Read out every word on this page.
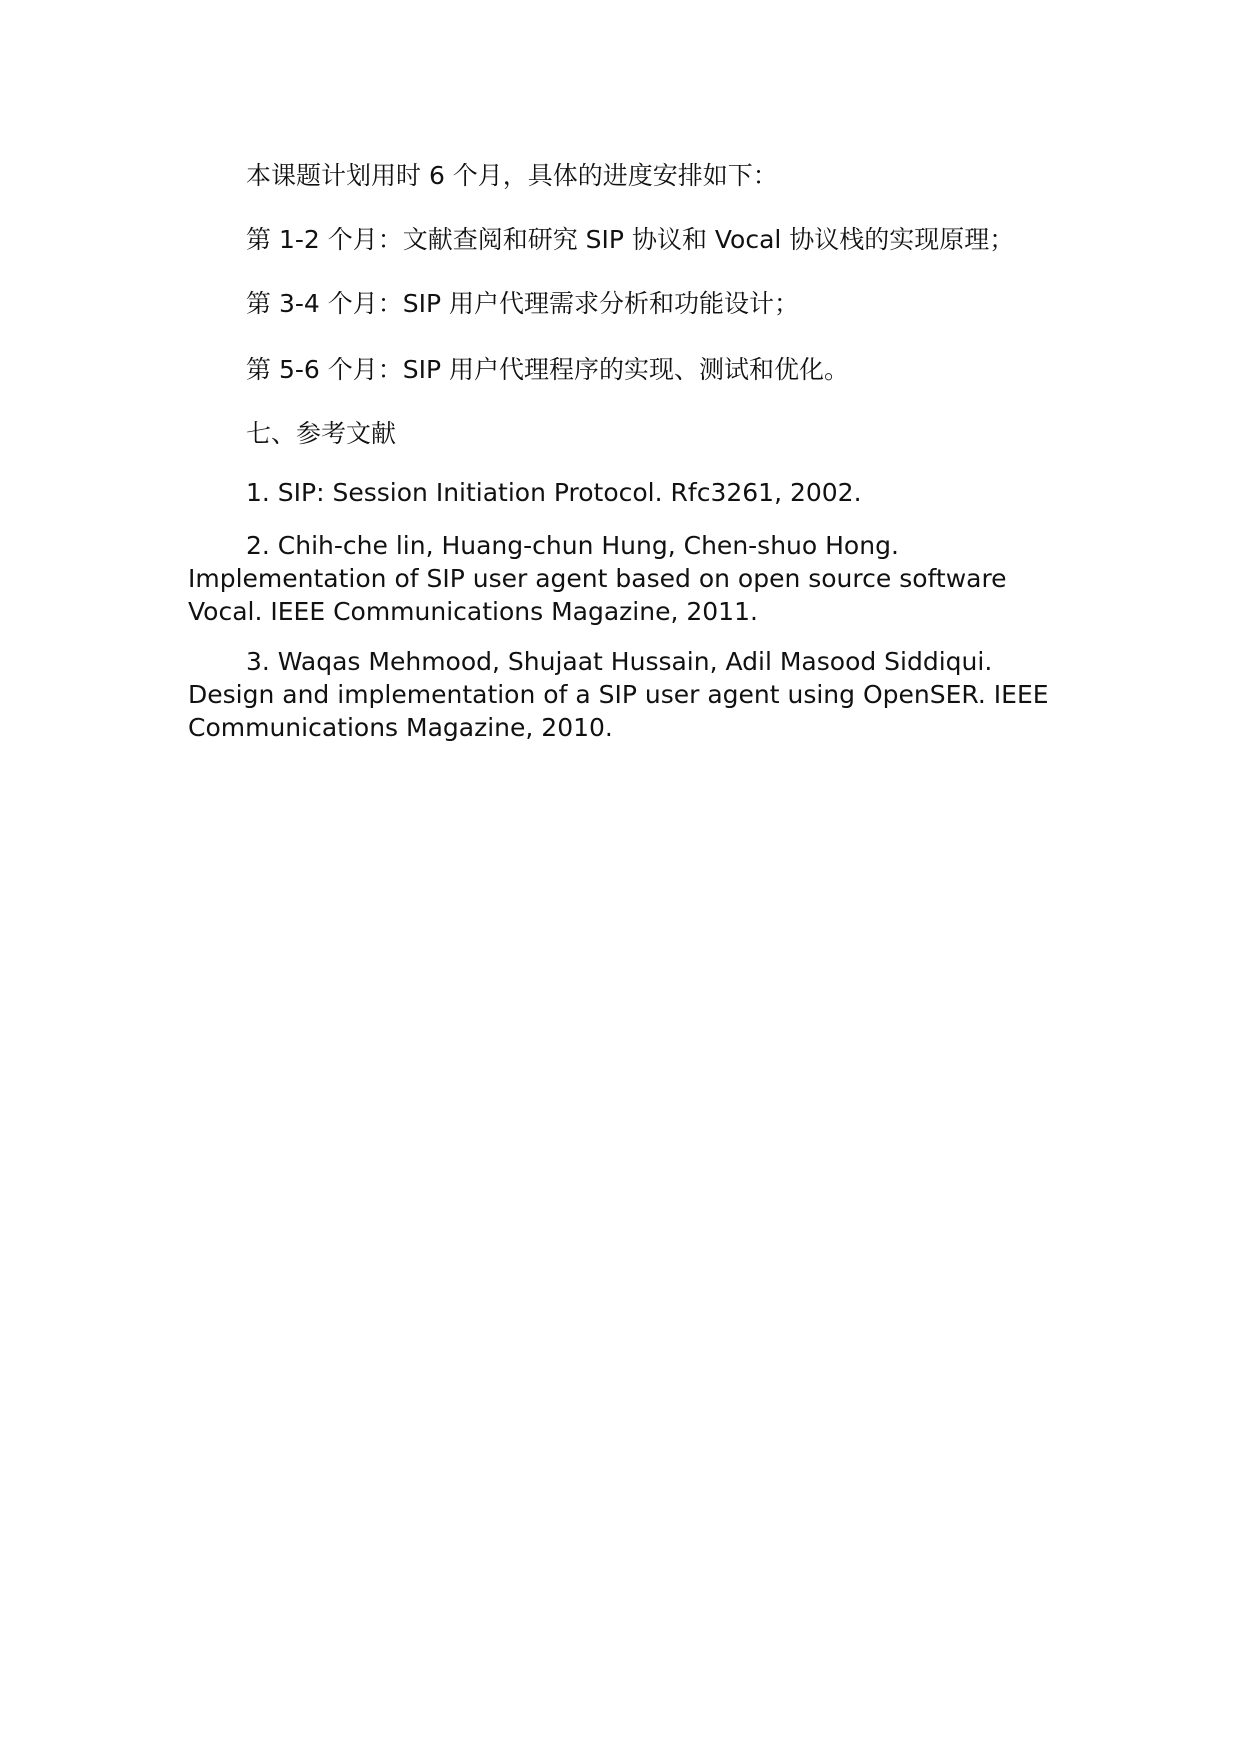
本课题计划用时 6 个月，具体的进度安排如下：
第 1-2 个月：文献查阅和研究 SIP 协议和 Vocal 协议栈的实现原理；
第 3-4 个月：SIP 用户代理需求分析和功能设计；
第 5-6 个月：SIP 用户代理程序的实现、测试和优化。
七、参考文献

1. SIP: Session Initiation Protocol. Rfc3261, 2002.

2. Chih-che lin, Huang-chun Hung, Chen-shuo Hong. Implementation of SIP user agent based on open source software Vocal. IEEE Communications Magazine, 2011.

3. Waqas Mehmood, Shujaat Hussain, Adil Masood Siddiqui. Design and implementation of a SIP user agent using OpenSER. IEEE Communications Magazine, 2010.
